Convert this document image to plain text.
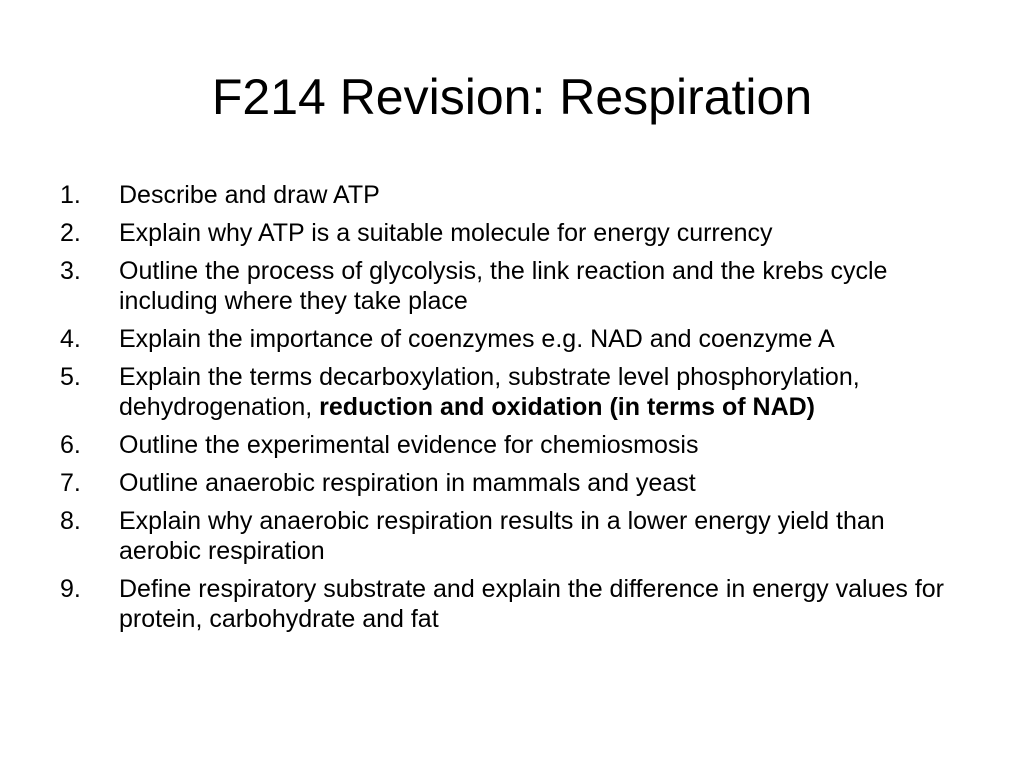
F214 Revision: Respiration
1.	Describe and draw ATP
2.	Explain why ATP is a suitable molecule for energy currency
3.	Outline the process of glycolysis, the link reaction and the krebs cycle including where they take place
4.	Explain the importance of coenzymes e.g. NAD and coenzyme A
5.	Explain the terms decarboxylation, substrate level phosphorylation, dehydrogenation, reduction and oxidation (in terms of NAD)
6.	Outline the experimental evidence for chemiosmosis
7.	Outline anaerobic respiration in mammals and yeast
8.	Explain why anaerobic respiration results in a lower energy yield than aerobic respiration
9.	Define respiratory substrate and explain the difference in energy values for protein, carbohydrate and fat
